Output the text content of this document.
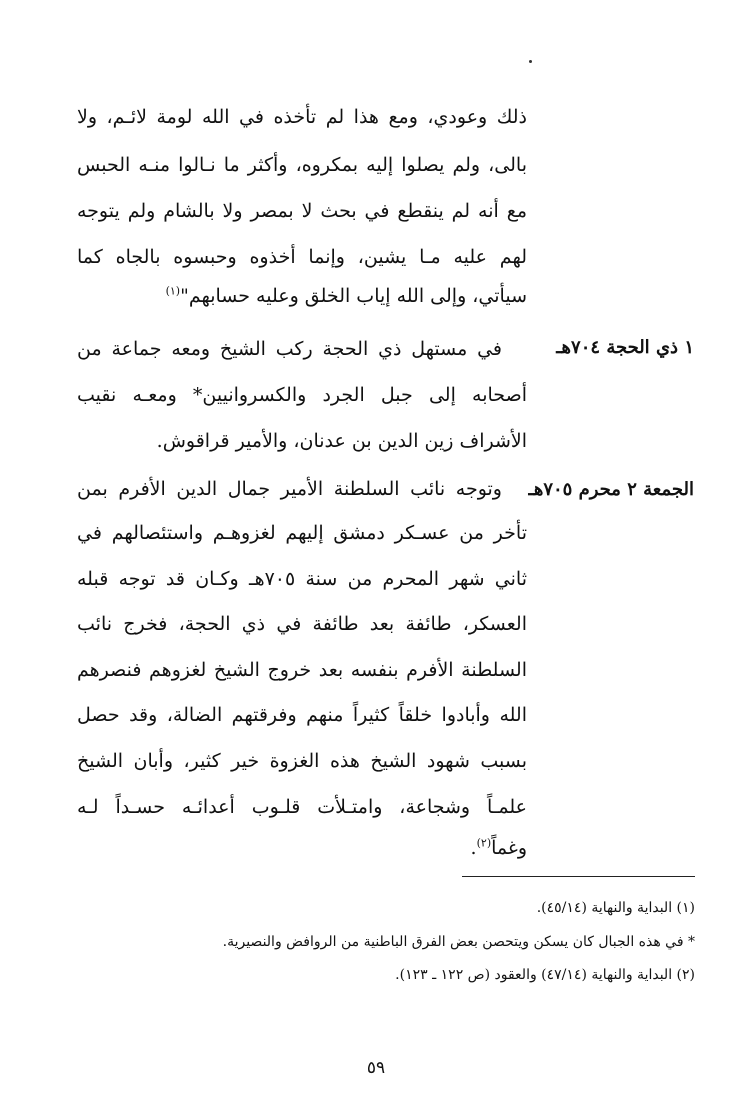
ذلك وعودي، ومع هذا لم تأخذه في الله لومة لائـم، ولا
بالى، ولم يصلوا إليه بمكروه، وأكثر ما نـالوا منـه الحبس
مع أنه لم ينقطع في بحث لا بمصر ولا بالشام ولم يتوجه
لهم عليه مـا يشين، وإنما أخذوه وحبسوه بالجاه كما
سيأتي، وإلى الله إياب الخلق وعليه حسابهم"$^{(١)}$
١ ذي الحجة ٧٠٤هـ
في مستهل ذي الحجة ركب الشيخ ومعه جماعة من
أصحابه إلى جبل الجرد والكسروانيين* ومعـه نقيب
الأشراف زين الدين بن عدنان، والأمير قراقوش.
الجمعة ٢ محرم ٧٠٥هـ
وتوجه نائب السلطنة الأمير جمال الدين الأفرم بمن
تأخر من عسـكر دمشق إليهم لغزوهـم واستئصالهم في
ثاني شهر المحرم من سنة ٧٠٥هـ وكـان قد توجه قبله
العسكر، طائفة بعد طائفة في ذي الحجة، فخرج نائب
السلطنة الأفرم بنفسه بعد خروج الشيخ لغزوهم فنصرهم
الله وأبادوا خلقاً كثيراً منهم وفرقتهم الضالة، وقد حصل
بسبب شهود الشيخ هذه الغزوة خير كثير، وأبان الشيخ
علمـاً وشجاعة، وامتـلأت قلـوب أعدائـه حسـداً لـه
وغماً$^{(٢)}$.
(١) البداية والنهاية (٤٥/١٤).
* في هذه الجبال كان يسكن ويتحصن بعض الفرق الباطنية من الروافض والنصيرية.
(٢) البداية والنهاية (٤٧/١٤) والعقود (ص ١٢٢ ـ ١٢٣).
٥٩
